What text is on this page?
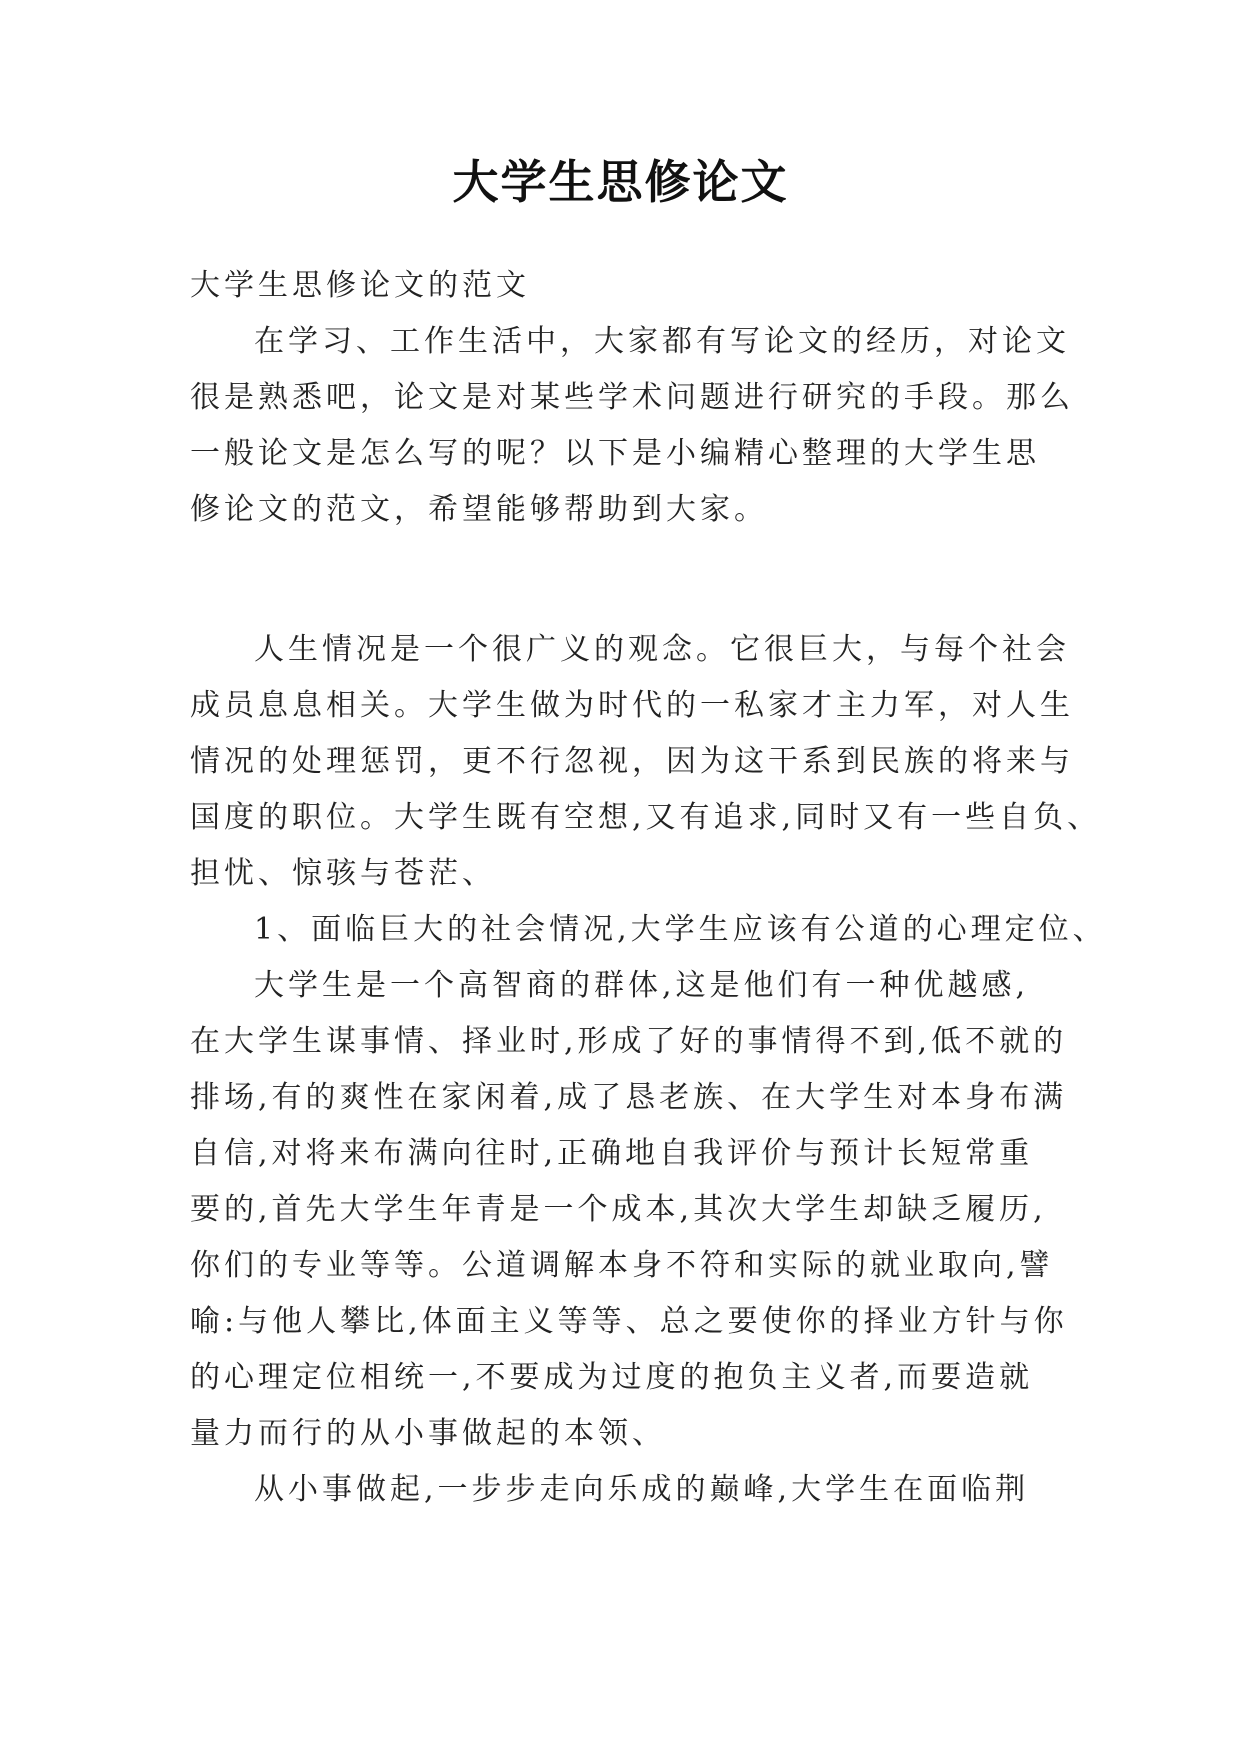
大学生思修论文
大学生思修论文的范文
在学习、工作生活中，大家都有写论文的经历，对论文
很是熟悉吧，论文是对某些学术问题进行研究的手段。那么
一般论文是怎么写的呢？以下是小编精心整理的大学生思
修论文的范文，希望能够帮助到大家。
人生情况是一个很广义的观念。它很巨大，与每个社会
成员息息相关。大学生做为时代的一私家才主力军，对人生
情况的处理惩罚，更不行忽视，因为这干系到民族的将来与
国度的职位。大学生既有空想,又有追求,同时又有一些自负、
担忧、惊骇与苍茫、
1、面临巨大的社会情况,大学生应该有公道的心理定位、
大学生是一个高智商的群体,这是他们有一种优越感,
在大学生谋事情、择业时,形成了好的事情得不到,低不就的
排场,有的爽性在家闲着,成了恳老族、在大学生对本身布满
自信,对将来布满向往时,正确地自我评价与预计长短常重
要的,首先大学生年青是一个成本,其次大学生却缺乏履历,
你们的专业等等。公道调解本身不符和实际的就业取向,譬
喻:与他人攀比,体面主义等等、总之要使你的择业方针与你
的心理定位相统一,不要成为过度的抱负主义者,而要造就
量力而行的从小事做起的本领、
从小事做起,一步步走向乐成的巅峰,大学生在面临荆
